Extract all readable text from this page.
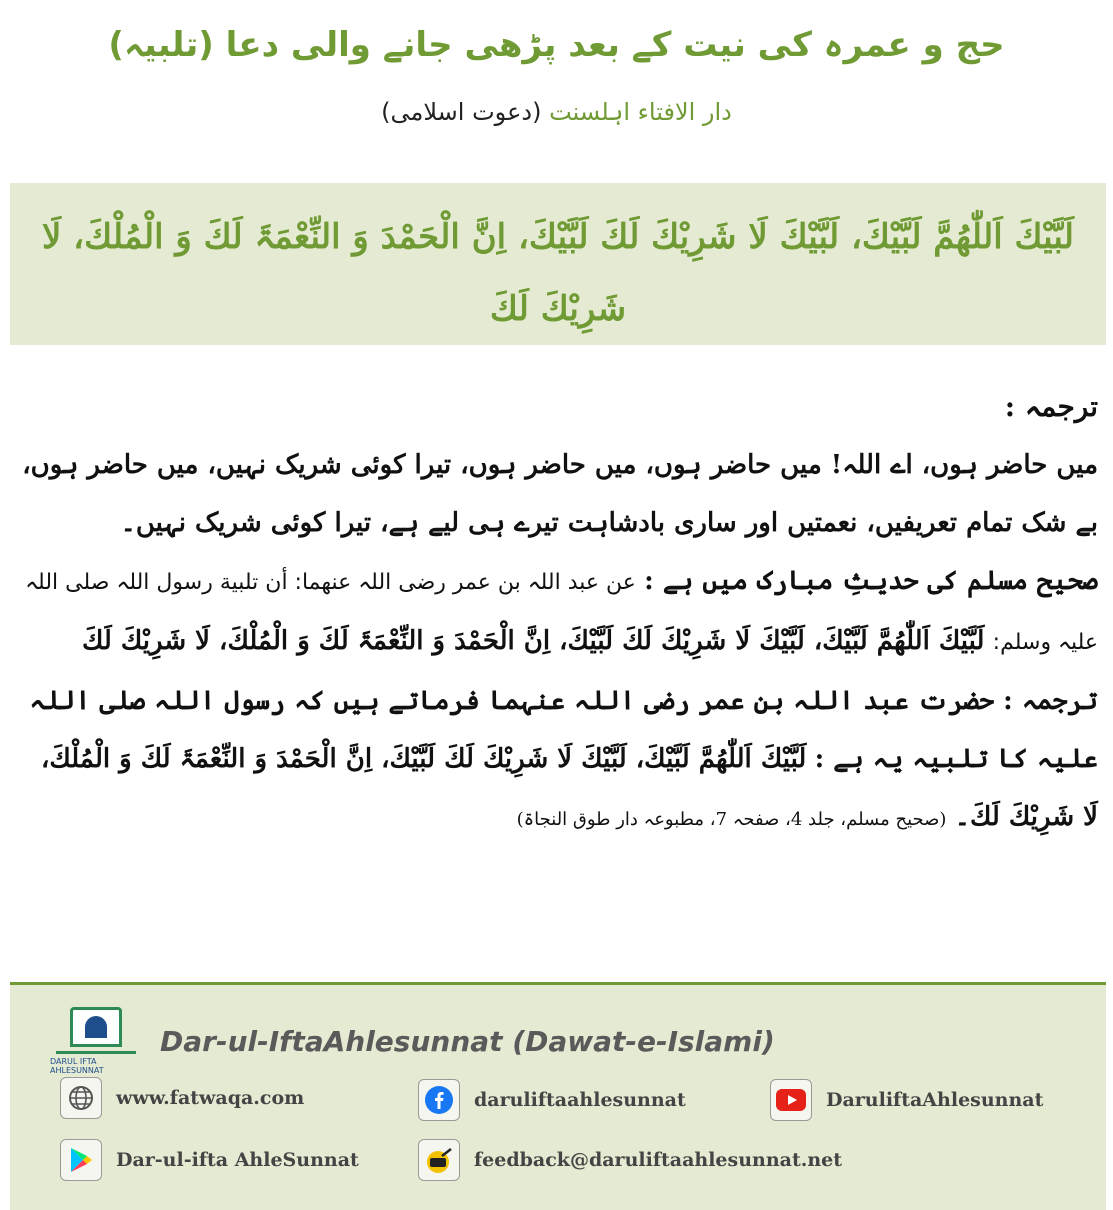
حج و عمرہ کی نیت کے بعد پڑھی جانے والی دعا (تلبیہ)
دار الافتاء اہلسنت (دعوت اسلامی)
لَبَّیْكَ اَللّٰھُمَّ لَبَّیْكَ، لَبَّیْكَ لَا شَرِیْكَ لَكَ لَبَّیْكَ، اِنَّ الْحَمْدَ وَ النِّعْمَۃَ لَكَ وَ الْمُلْكَ، لَا شَرِیْكَ لَكَ

ترجمہ :

میں حاضر ہوں، اے اللہ! میں حاضر ہوں، میں حاضر ہوں، تیرا کوئی شریک نہیں، میں حاضر ہوں، بے شک تمام تعریفیں، نعمتیں اور ساری بادشاہت تیرے ہی لیے ہے، تیرا کوئی شریک نہیں۔

صحیح مسلم کی حدیثِ مبارک میں ہے : عن عبد اللہ بن عمر رضی اللہ عنھما: أن تلبیة رسول اللہ صلی اللہ علیہ وسلم: لَبَّیْكَ اَللّٰھُمَّ لَبَّیْكَ، لَبَّیْكَ لَا شَرِیْكَ لَكَ لَبَّیْكَ، اِنَّ الْحَمْدَ وَ النِّعْمَۃَ لَكَ وَ الْمُلْكَ، لَا شَرِیْكَ لَكَ ترجمہ : حضرت عبد اللہ بن عمر رضی اللہ عنہما فرماتے ہیں کہ رسول اللہ صلی اللہ علیہ کا تلبیہ یہ ہے : لَبَّیْكَ اَللّٰھُمَّ لَبَّیْكَ، لَبَّیْكَ لَا شَرِیْكَ لَكَ لَبَّیْكَ، اِنَّ الْحَمْدَ وَ النِّعْمَۃَ لَكَ وَ الْمُلْكَ، لَا شَرِیْكَ لَكَ۔ (صحیح مسلم، جلد 4، صفحہ 7، مطبوعہ دار طوق النجاۃ)

DARUL IFTA AHLESUNNAT
Dar-ul-IftaAhlesunnat (Dawat-e-Islami)
www.fatwaqa.com	daruliftaahlesunnat	DaruliftaAhlesunnat
Dar-ul-ifta AhleSunnat	feedback@daruliftaahlesunnat.net
